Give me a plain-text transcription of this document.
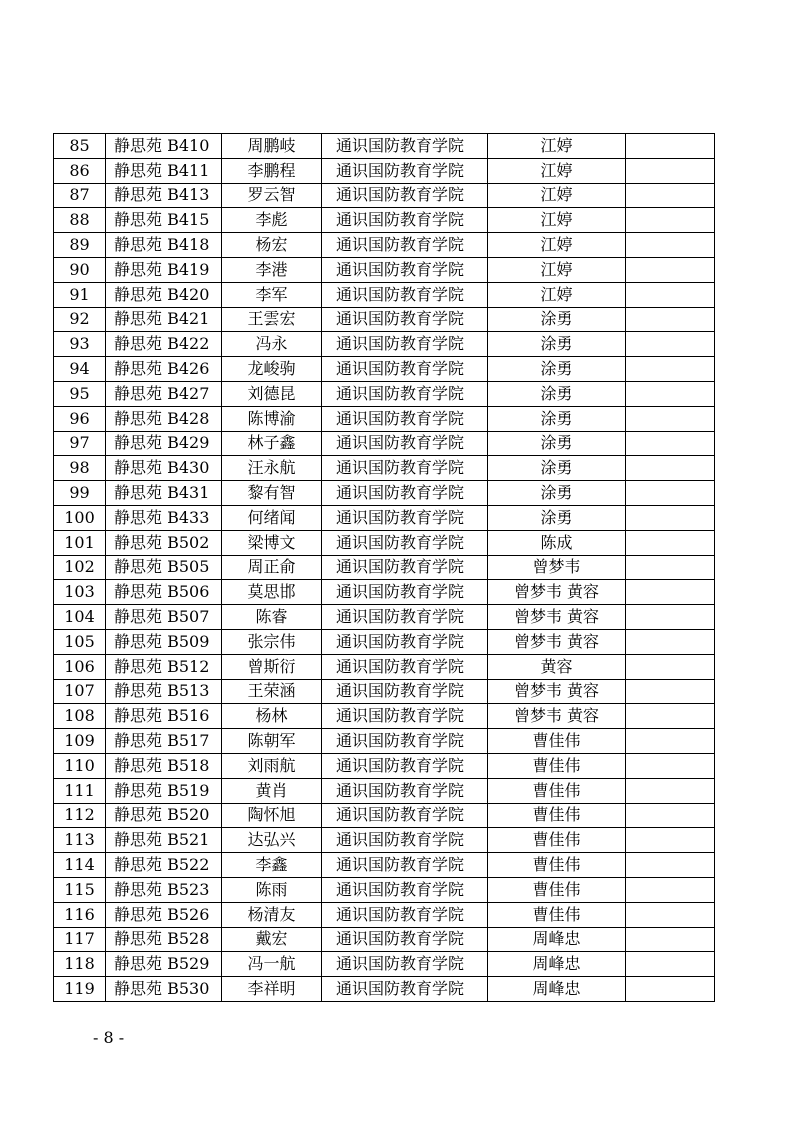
85	静思苑 B410	周鹏岐	通识国防教育学院	江婷	
86	静思苑 B411	李鹏程	通识国防教育学院	江婷	
87	静思苑 B413	罗云智	通识国防教育学院	江婷	
88	静思苑 B415	李彪	通识国防教育学院	江婷	
89	静思苑 B418	杨宏	通识国防教育学院	江婷	
90	静思苑 B419	李港	通识国防教育学院	江婷	
91	静思苑 B420	李军	通识国防教育学院	江婷	
92	静思苑 B421	王雲宏	通识国防教育学院	涂勇	
93	静思苑 B422	冯永	通识国防教育学院	涂勇	
94	静思苑 B426	龙峻驹	通识国防教育学院	涂勇	
95	静思苑 B427	刘德昆	通识国防教育学院	涂勇	
96	静思苑 B428	陈博渝	通识国防教育学院	涂勇	
97	静思苑 B429	林子鑫	通识国防教育学院	涂勇	
98	静思苑 B430	汪永航	通识国防教育学院	涂勇	
99	静思苑 B431	黎有智	通识国防教育学院	涂勇	
100	静思苑 B433	何绪闻	通识国防教育学院	涂勇	
101	静思苑 B502	梁博文	通识国防教育学院	陈成	
102	静思苑 B505	周正俞	通识国防教育学院	曾梦韦	
103	静思苑 B506	莫思邯	通识国防教育学院	曾梦韦 黄容	
104	静思苑 B507	陈睿	通识国防教育学院	曾梦韦 黄容	
105	静思苑 B509	张宗伟	通识国防教育学院	曾梦韦 黄容	
106	静思苑 B512	曾斯衍	通识国防教育学院	黄容	
107	静思苑 B513	王荣涵	通识国防教育学院	曾梦韦 黄容	
108	静思苑 B516	杨林	通识国防教育学院	曾梦韦 黄容	
109	静思苑 B517	陈朝军	通识国防教育学院	曹佳伟	
110	静思苑 B518	刘雨航	通识国防教育学院	曹佳伟	
111	静思苑 B519	黄肖	通识国防教育学院	曹佳伟	
112	静思苑 B520	陶怀旭	通识国防教育学院	曹佳伟	
113	静思苑 B521	达弘兴	通识国防教育学院	曹佳伟	
114	静思苑 B522	李鑫	通识国防教育学院	曹佳伟	
115	静思苑 B523	陈雨	通识国防教育学院	曹佳伟	
116	静思苑 B526	杨清友	通识国防教育学院	曹佳伟	
117	静思苑 B528	戴宏	通识国防教育学院	周峰忠	
118	静思苑 B529	冯一航	通识国防教育学院	周峰忠	
119	静思苑 B530	李祥明	通识国防教育学院	周峰忠	
- 8 -
